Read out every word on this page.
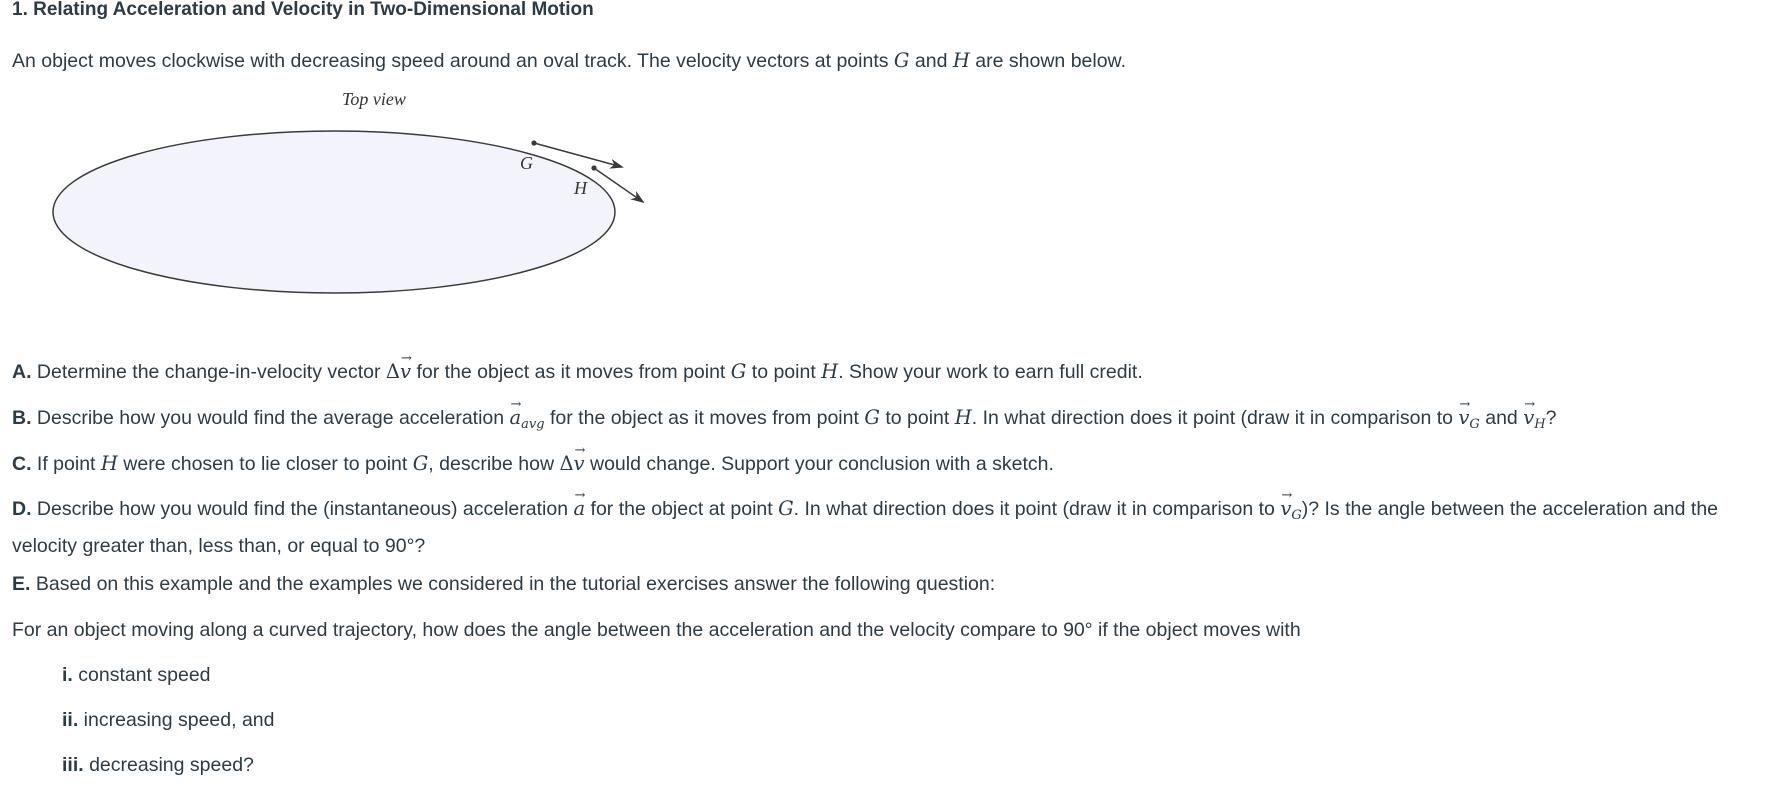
1. Relating Acceleration and Velocity in Two-Dimensional Motion

An object moves clockwise with decreasing speed around an oval track. The velocity vectors at points G and H are shown below.

Top view
G
H

A. Determine the change-in-velocity vector Δ→ v for the object as it moves from point G to point H. Show your work to earn full credit.

B. Describe how you would find the average acceleration → $a_{avg}$ for the object as it moves from point G to point H. In what direction does it point (draw it in comparison to → $v_G$ and → $v_H$?

C. If point H were chosen to lie closer to point G, describe how Δ→ v would change. Support your conclusion with a sketch.

D. Describe how you would find the (instantaneous) acceleration → a for the object at point G. In what direction does it point (draw it in comparison to → $v_G$)? Is the angle between the acceleration and the velocity greater than, less than, or equal to 90°?

E. Based on this example and the examples we considered in the tutorial exercises answer the following question:

For an object moving along a curved trajectory, how does the angle between the acceleration and the velocity compare to 90° if the object moves with

i. constant speed

ii. increasing speed, and

iii. decreasing speed?
